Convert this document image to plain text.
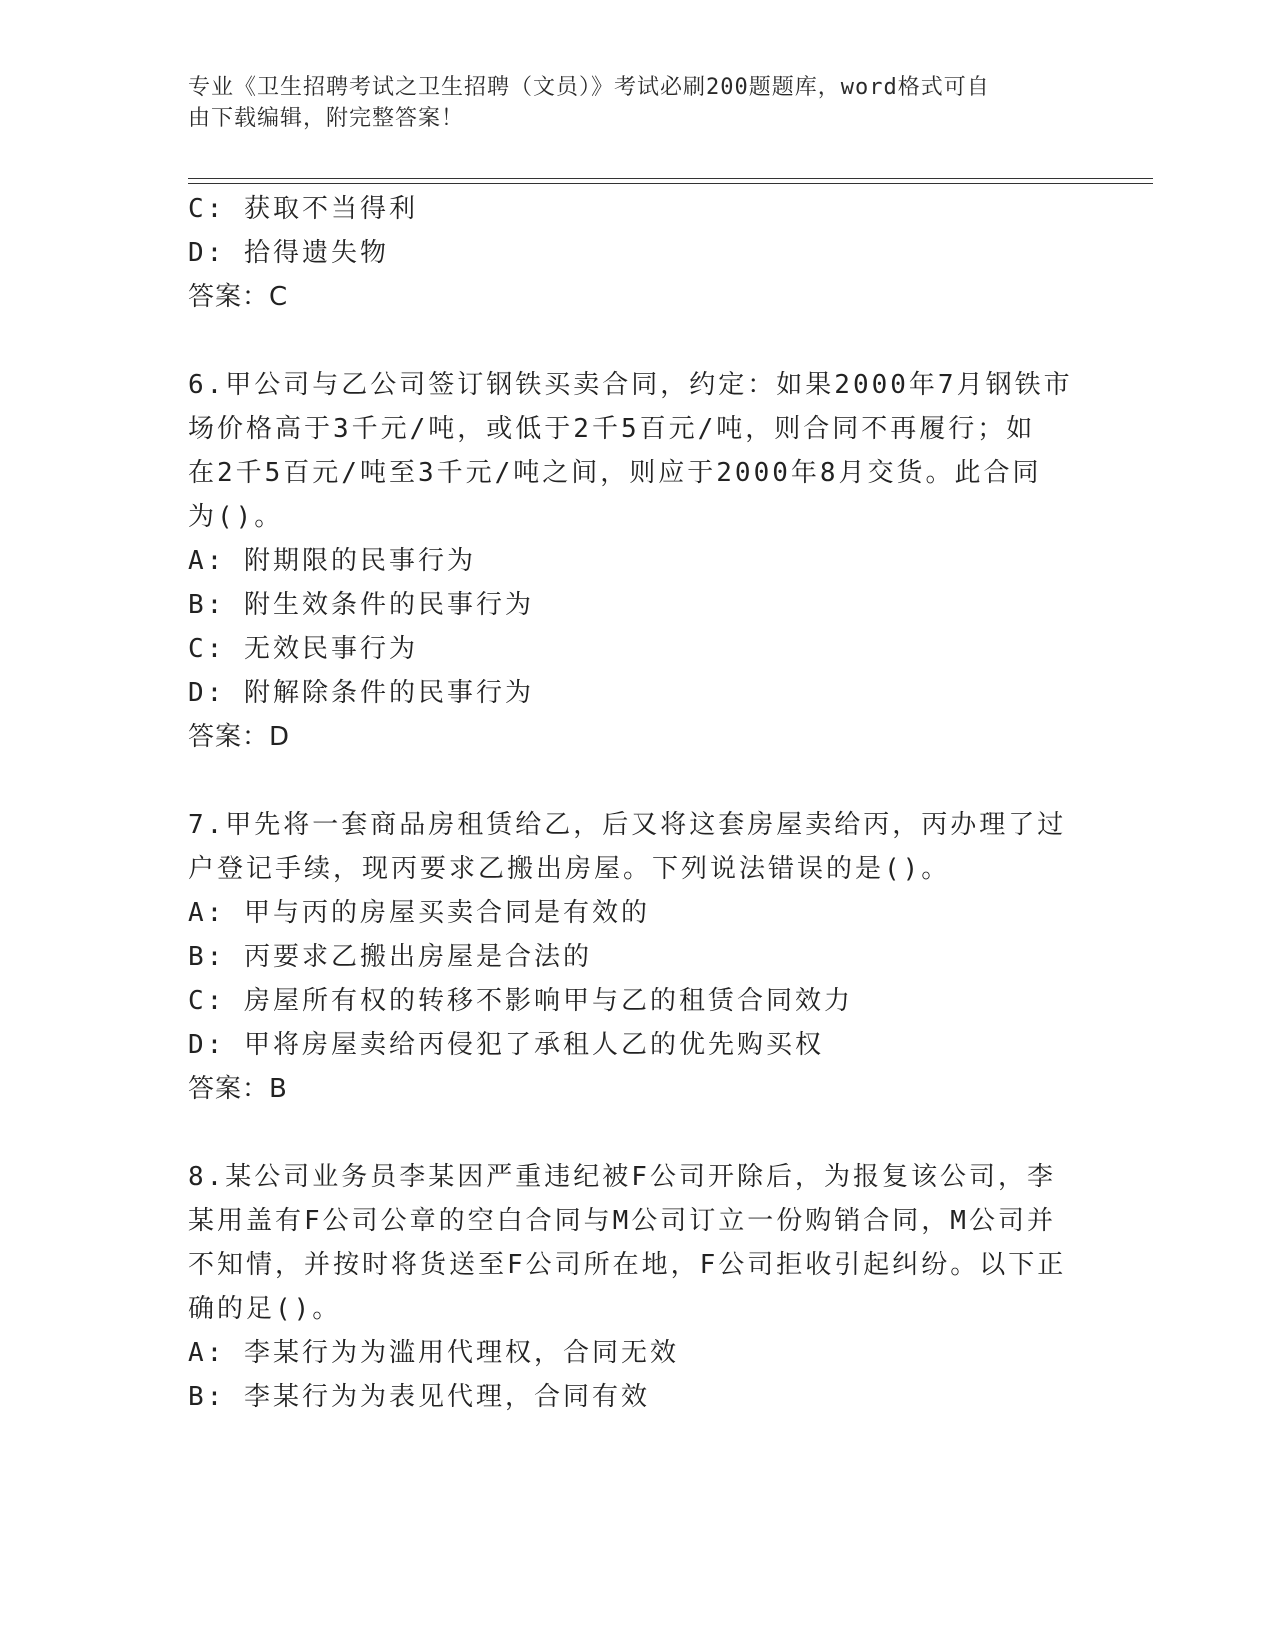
专业《卫生招聘考试之卫生招聘（文员）》考试必刷200题题库，word格式可自
由下载编辑，附完整答案！
C: 获取不当得利
D: 拾得遗失物
答案：C
6.甲公司与乙公司签订钢铁买卖合同，约定：如果2000年7月钢铁市
场价格高于3千元/吨，或低于2千5百元/吨，则合同不再履行；如
在2千5百元/吨至3千元/吨之间，则应于2000年8月交货。此合同
为()。
A: 附期限的民事行为
B: 附生效条件的民事行为
C: 无效民事行为
D: 附解除条件的民事行为
答案：D
7.甲先将一套商品房租赁给乙，后又将这套房屋卖给丙，丙办理了过
户登记手续，现丙要求乙搬出房屋。下列说法错误的是()。
A: 甲与丙的房屋买卖合同是有效的
B: 丙要求乙搬出房屋是合法的
C: 房屋所有权的转移不影响甲与乙的租赁合同效力
D: 甲将房屋卖给丙侵犯了承租人乙的优先购买权
答案：B
8.某公司业务员李某因严重违纪被F公司开除后，为报复该公司，李
某用盖有F公司公章的空白合同与M公司订立一份购销合同，M公司并
不知情，并按时将货送至F公司所在地，F公司拒收引起纠纷。以下正
确的足()。
A: 李某行为为滥用代理权，合同无效
B: 李某行为为表见代理，合同有效
